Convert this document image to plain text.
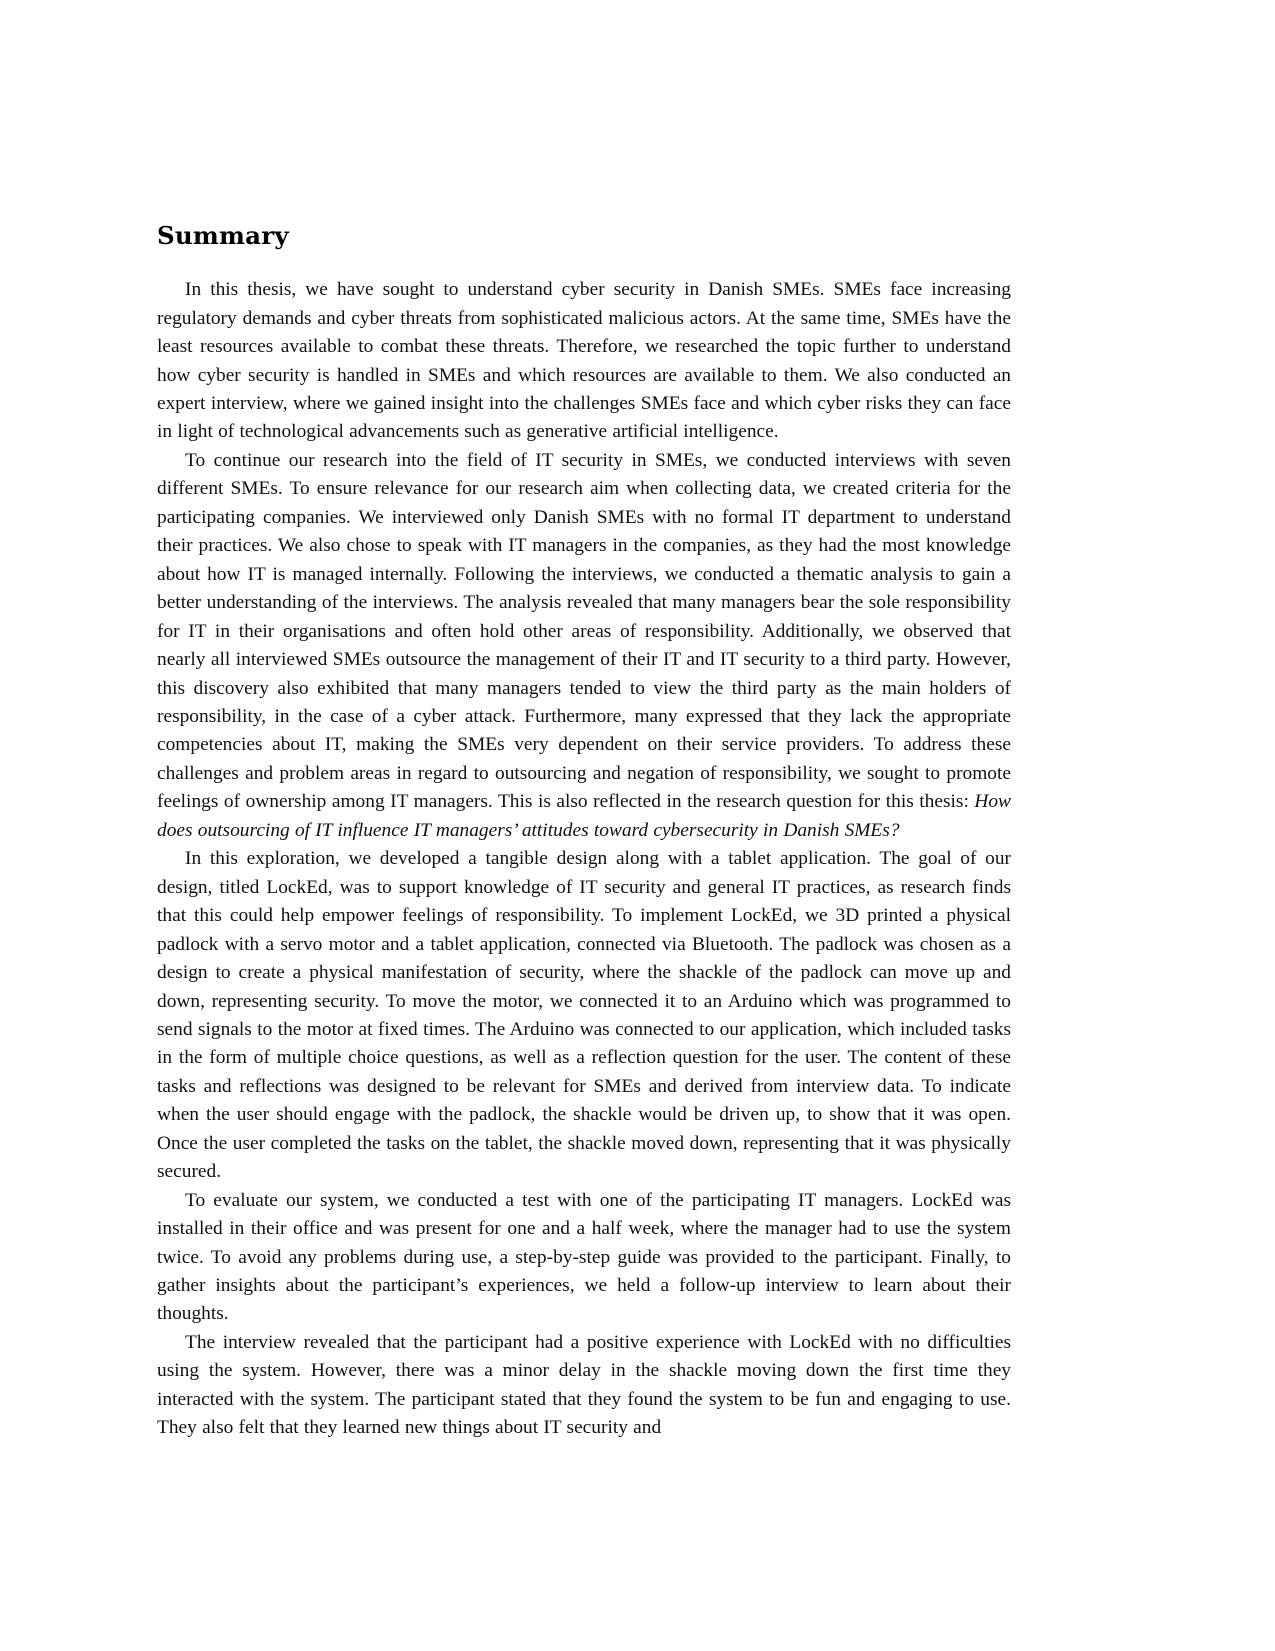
Summary

In this thesis, we have sought to understand cyber security in Danish SMEs. SMEs face increasing regulatory demands and cyber threats from sophisticated malicious actors. At the same time, SMEs have the least resources available to combat these threats. Therefore, we researched the topic further to understand how cyber security is handled in SMEs and which resources are available to them. We also conducted an expert interview, where we gained insight into the challenges SMEs face and which cyber risks they can face in light of technological advancements such as generative artificial intelligence.

To continue our research into the field of IT security in SMEs, we conducted interviews with seven different SMEs. To ensure relevance for our research aim when collecting data, we created criteria for the participating companies. We interviewed only Danish SMEs with no formal IT department to understand their practices. We also chose to speak with IT managers in the companies, as they had the most knowledge about how IT is managed internally. Following the interviews, we conducted a thematic analysis to gain a better understanding of the interviews. The analysis revealed that many managers bear the sole responsibility for IT in their organisations and often hold other areas of responsibility. Additionally, we observed that nearly all interviewed SMEs outsource the management of their IT and IT security to a third party. However, this discovery also exhibited that many managers tended to view the third party as the main holders of responsibility, in the case of a cyber attack. Furthermore, many expressed that they lack the appropriate competencies about IT, making the SMEs very dependent on their service providers. To address these challenges and problem areas in regard to outsourcing and negation of responsibility, we sought to promote feelings of ownership among IT managers. This is also reflected in the research question for this thesis: How does outsourcing of IT influence IT managers’ attitudes toward cybersecurity in Danish SMEs?

In this exploration, we developed a tangible design along with a tablet application. The goal of our design, titled LockEd, was to support knowledge of IT security and general IT practices, as research finds that this could help empower feelings of responsibility. To implement LockEd, we 3D printed a physical padlock with a servo motor and a tablet application, connected via Bluetooth. The padlock was chosen as a design to create a physical manifestation of security, where the shackle of the padlock can move up and down, representing security. To move the motor, we connected it to an Arduino which was programmed to send signals to the motor at fixed times. The Arduino was connected to our application, which included tasks in the form of multiple choice questions, as well as a reflection question for the user. The content of these tasks and reflections was designed to be relevant for SMEs and derived from interview data. To indicate when the user should engage with the padlock, the shackle would be driven up, to show that it was open. Once the user completed the tasks on the tablet, the shackle moved down, representing that it was physically secured.

To evaluate our system, we conducted a test with one of the participating IT managers. LockEd was installed in their office and was present for one and a half week, where the manager had to use the system twice. To avoid any problems during use, a step-by-step guide was provided to the participant. Finally, to gather insights about the participant’s experiences, we held a follow-up interview to learn about their thoughts.

The interview revealed that the participant had a positive experience with LockEd with no difficulties using the system. However, there was a minor delay in the shackle moving down the first time they interacted with the system. The participant stated that they found the system to be fun and engaging to use. They also felt that they learned new things about IT security and
